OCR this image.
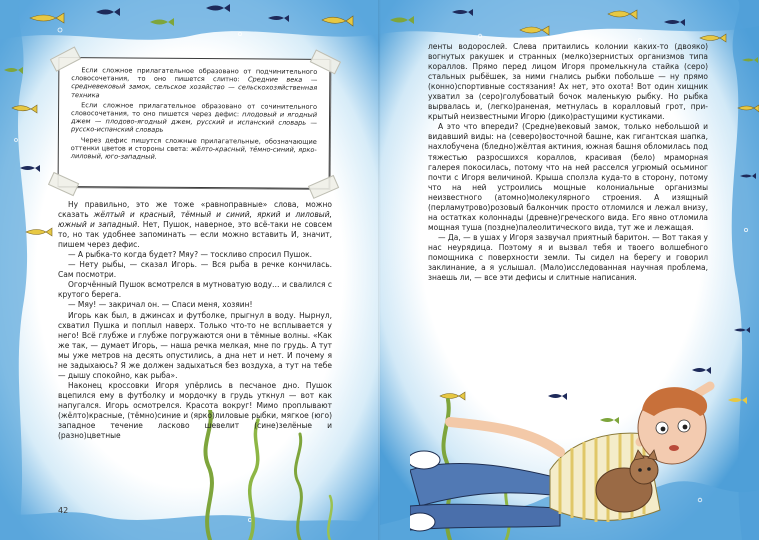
Если сложное прилагательное образовано от подчинительного словосочетания, то оно пишется слитно: Средние века — средневековый замок, сельское хозяйство — сельскохозяйственная техника

Если сложное прилагательное образовано от сочинительного словосочетания, то оно пишется через дефис: плодовый и ягодный джем — плодово-ягодный джем, русский и испанский словарь — русско-испанский словарь

Через дефис пишутся сложные прилагательные, обозначающие оттенки цветов и стороны света: жёлто-красный, тёмно-синий, ярко-лиловый, юго-западный.

Ну правильно, это же тоже «равноправные» слова, можно сказать жёлтый и красный, тёмный и синий, яркий и лиловый, южный и западный. Нет, Пушок, наверное, это всё-таки не совсем то, но так удобнее запоминать — если можно вставить И, значит, пишем через дефис.

— А рыбка-то когда будет? Мяу? — тоскливо спросил Пушок.

— Нету рыбы, — сказал Игорь. — Вся рыба в речке кончилась. Сам посмотри.

Огорчённый Пушок всмотрелся в мутноватую воду… и свалился с крутого берега.

— Мяу! — закричал он. — Спаси меня, хозяин!

Игорь как был, в джинсах и футболке, прыгнул в воду. Нырнул, схватил Пушка и поплыл наверх. Только что-то не всплывается у него! Всё глубже и глубже погружаются они в тёмные волны. «Как же так, — думает Игорь, — наша речка мелкая, мне по грудь. А тут мы уже метров на десять опустились, а дна нет и нет. И почему я не задыхаюсь? Я же должен задыхаться без воздуха, а тут на тебе — дышу спокойно, как рыба».

Наконец кроссовки Игоря упёрлись в песчаное дно. Пушок вцепился ему в футболку и мордочку в грудь уткнул — вот как напугался. Игорь осмотрелся. Красота вокруг! Мимо проплывают (жёлто)красные, (тёмно)синие и (ярко)лиловые рыбки, мягкое (юго) западное течение ласково шевелит (сине)зелёные и (разно)цветные

42

ленты водорослей. Слева притаились колонии каких-то (двояко) вогнутых ракушек и странных (мелко)зернистых организмов типа кораллов. Прямо перед лицом Игоря промелькнула стайка (серо) стальных рыбёшек, за ними гнались рыбки побольше — ну прямо (конно)спортивные состязания! Ах нет, это охота! Вот один хищник ухватил за (серо)голубоватый бочок маленькую рыбку. Но рыбка вырвалась и, (легко)раненая, метнулась в коралловый грот, прикрытый неизвестными Игорю (дико)растущими кустиками.

А это что впереди? (Средне)вековый замок, только небольшой и видавший виды: на (северо)восточной башне, как гигантская шапка, нахлобучена (бледно)жёлтая актиния, южная башня обломилась под тяжестью разросшихся кораллов, красивая (бело) мраморная галерея покосилась, потому что на ней расселся угрюмый осьминог почти с Игоря величиной. Крыша сползла куда-то в сторону, потому что на ней устроились мощные колониальные организмы неизвестного (атомно)молекулярного строения. А изящный (перламутрово)розовый балкончик просто отломился и лежал внизу, на остатках колоннады (древне)греческого вида. Его явно отломила мощная туша (поздне)палеолитического вида, тут же и лежащая.

— Да, — в ушах у Игоря зазвучал приятный баритон. — Вот такая у нас неурядица. Поэтому я и вызвал тебя и твоего волшебного помощника с поверхности земли. Ты сидел на берегу и говорил заклинание, а я услышал. (Мало)исследованная научная проблема, знаешь ли, — все эти дефисы и слитные написания.
